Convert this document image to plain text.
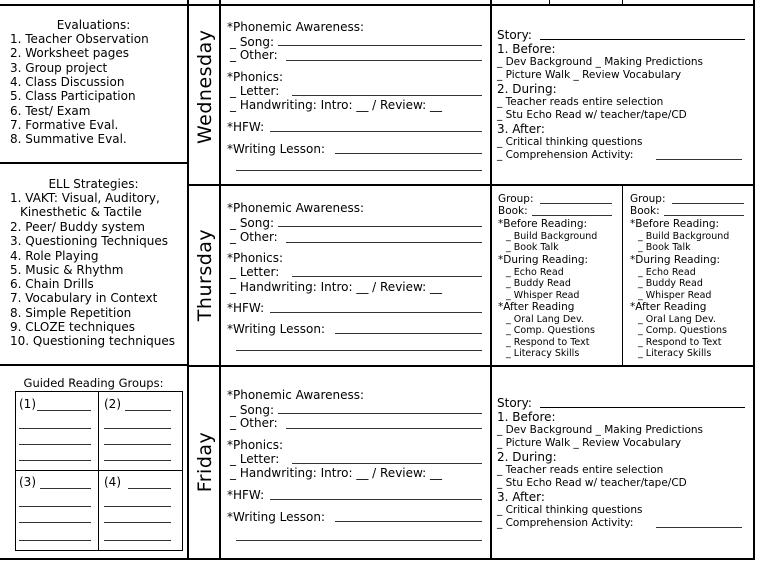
Evaluations:
1. Teacher Observation
2. Worksheet pages
3. Group project
4. Class Discussion
5. Class Participation
6. Test/ Exam
7. Formative Eval.
8. Summative Eval.
ELL Strategies:
1. VAKT: Visual, Auditory,
Kinesthetic & Tactile
2. Peer/ Buddy system
3. Questioning Techniques
4. Role Playing
5. Music & Rhythm
6. Chain Drills
7. Vocabulary in Context
8. Simple Repetition
9. CLOZE techniques
10. Questioning techniques
Guided Reading Groups:
(1)	(2)
(3)	(4)
Wednesday
Thursday
Friday
*Phonemic Awareness:
_ Song:
_ Other:
*Phonics:
_ Letter:
_ Handwriting: Intro: __ / Review: __
*HFW:
*Writing Lesson:
*Phonemic Awareness:
_ Song:
_ Other:
*Phonics:
_ Letter:
_ Handwriting: Intro: __ / Review: __
*HFW:
*Writing Lesson:
*Phonemic Awareness:
_ Song:
_ Other:
*Phonics:
_ Letter:
_ Handwriting: Intro: __ / Review: __
*HFW:
*Writing Lesson:
Story:
1. Before:
_ Dev Background _ Making Predictions
_ Picture Walk _ Review Vocabulary
2. During:
_ Teacher reads entire selection
_ Stu Echo Read w/ teacher/tape/CD
3. After:
_ Critical thinking questions
_ Comprehension Activity:
Story:
1. Before:
_ Dev Background _ Making Predictions
_ Picture Walk _ Review Vocabulary
2. During:
_ Teacher reads entire selection
_ Stu Echo Read w/ teacher/tape/CD
3. After:
_ Critical thinking questions
_ Comprehension Activity:
Group:
Book:
*Before Reading:
_ Build Background
_ Book Talk
*During Reading:
_ Echo Read
_ Buddy Read
_ Whisper Read
*After Reading
_ Oral Lang Dev.
_ Comp. Questions
_ Respond to Text
_ Literacy Skills
Group:
Book:
*Before Reading:
_ Build Background
_ Book Talk
*During Reading:
_ Echo Read
_ Buddy Read
_ Whisper Read
*After Reading
_ Oral Lang Dev.
_ Comp. Questions
_ Respond to Text
_ Literacy Skills
